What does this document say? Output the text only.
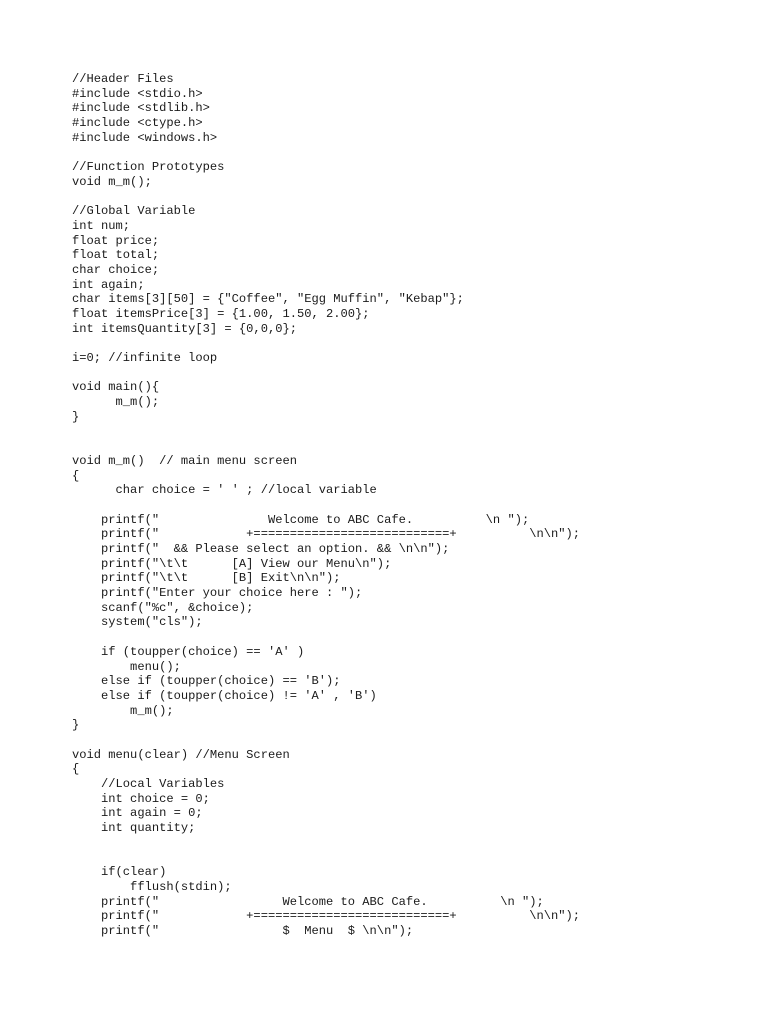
//Header Files
#include <stdio.h>
#include <stdlib.h>
#include <ctype.h>
#include <windows.h>
//Function Prototypes
void m_m();
//Global Variable
int num;
float price;
float total;
char choice;
int again;
char items[3][50] = {"Coffee", "Egg Muffin", "Kebap"};
float itemsPrice[3] = {1.00, 1.50, 2.00};
int itemsQuantity[3] = {0,0,0};
i=0; //infinite loop
void main(){
m_m();
}
void m_m()  // main menu screen
{
char choice = ' ' ; //local variable
printf("               Welcome to ABC Cafe.          \n ");
printf("            +===========================+          \n\n");
printf("  && Please select an option. && \n\n");
printf("\t\t      [A] View our Menu\n");
printf("\t\t      [B] Exit\n\n");
printf("Enter your choice here : ");
scanf("%c", &choice);
system("cls");
if (toupper(choice) == 'A' )
menu();
else if (toupper(choice) == 'B');
else if (toupper(choice) != 'A' , 'B')
m_m();
}
void menu(clear) //Menu Screen
{
//Local Variables
int choice = 0;
int again = 0;
int quantity;
if(clear)
fflush(stdin);
printf("                 Welcome to ABC Cafe.          \n ");
printf("            +===========================+          \n\n");
printf("                 $  Menu  $ \n\n");
